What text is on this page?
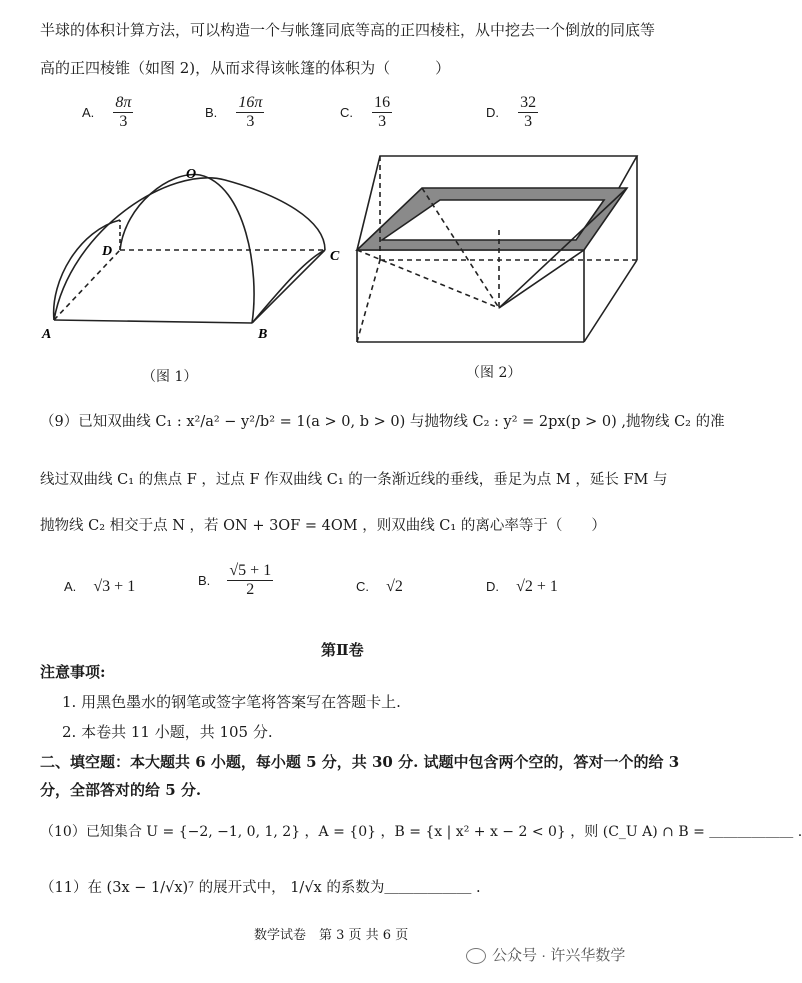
半球的体积计算方法，可以构造一个与帐篷同底等高的正四棱柱，从中挖去一个倒放的同底等
高的正四棱锥（如图 2)，从而求得该帐篷的体积为（　　　）
A. $\frac{8\pi}{3}$	B. $\frac{16\pi}{3}$	C. $\frac{16}{3}$	D. $\frac{32}{3}$
O
D	C
A	B
（图 1）	（图 2）
（9）已知双曲线 C₁ : x²/a² − y²/b² = 1(a > 0, b > 0) 与抛物线 C₂ : y² = 2px(p > 0) ,抛物线 C₂ 的准
线过双曲线 C₁ 的焦点 F ，过点 F 作双曲线 C₁ 的一条渐近线的垂线，垂足为点 M ，延长 FM 与
抛物线 C₂ 相交于点 N ，若 ON + 3OF = 4OM ，则双曲线 C₁ 的离心率等于（　　）
A. √3 + 1	B. $\frac{√5 + 1}{2}$	C. √2	D. √2 + 1
第Ⅱ卷
注意事项:
1. 用黑色墨水的钢笔或签字笔将答案写在答题卡上.
2. 本卷共 11 小题，共 105 分.
二、填空题：本大题共 6 小题，每小题 5 分，共 30 分. 试题中包含两个空的，答对一个的给 3
分，全部答对的给 5 分.
（10）已知集合 U = {−2, −1, 0, 1, 2} ，A = {0} ，B = {x | x² + x − 2 < 0} ，则 (C_U A) ∩ B = ＿＿＿＿＿＿ .
（11）在 (3x − 1/√x)⁷ 的展开式中， 1/√x 的系数为＿＿＿＿＿＿ .
数学试卷　第 3 页 共 6 页
公众号 · 许兴华数学
